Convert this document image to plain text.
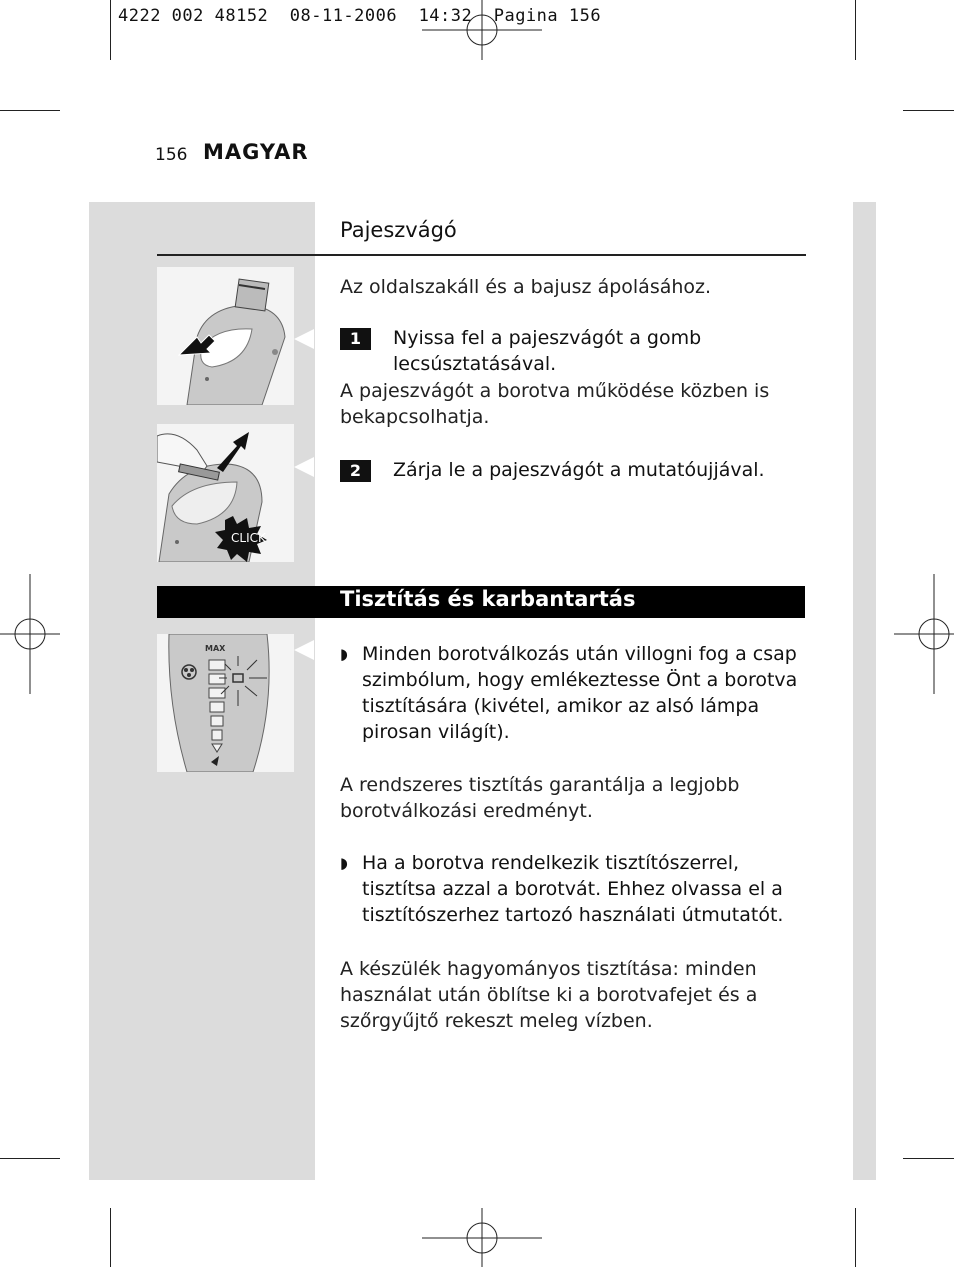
4222 002 48152  08-11-2006  14:32  Pagina 156
156 MAGYAR
Pajeszvágó
Az oldalszakáll és a bajusz ápolásához.
1	Nyissa fel a pajeszvágót a gomb lecsúsztatásával.
A pajeszvágót a borotva működése közben is bekapcsolhatja.
2	Zárja le a pajeszvágót a mutatóujjával.
CLICK
Tisztítás és karbantartás
MAX	◗ Minden borotválkozás után villogni fog a csap szimbólum, hogy emlékeztesse Önt a borotva tisztítására (kivétel, amikor az alsó lámpa pirosan világít).
A rendszeres tisztítás garantálja a legjobb borotválkozási eredményt.
◗ Ha a borotva rendelkezik tisztítószerrel, tisztítsa azzal a borotvát. Ehhez olvassa el a tisztítószerhez tartozó használati útmutatót.
A készülék hagyományos tisztítása: minden használat után öblítse ki a borotvafejet és a szőrgyűjtő rekeszt meleg vízben.
